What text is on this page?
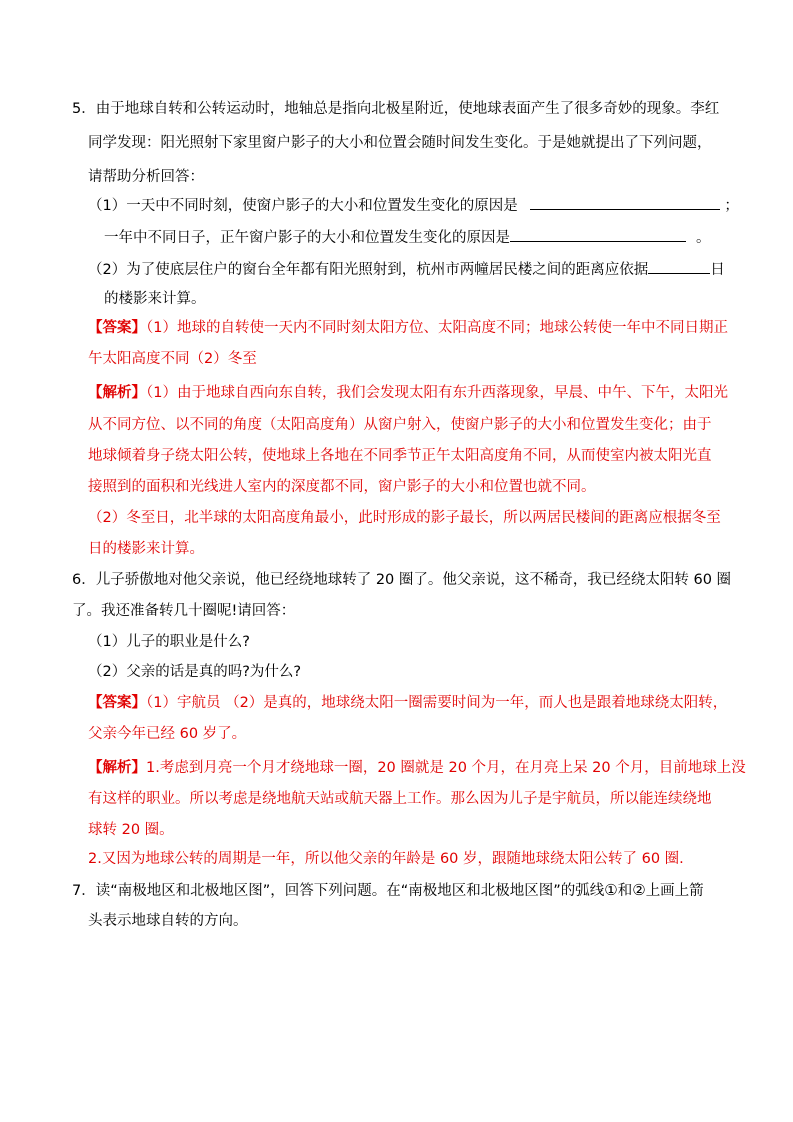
5．由于地球自转和公转运动时，地轴总是指向北极星附近，使地球表面产生了很多奇妙的现象。李红
同学发现：阳光照射下家里窗户影子的大小和位置会随时间发生变化。于是她就提出了下列问题，
请帮助分析回答：
（1）一天中不同时刻，使窗户影子的大小和位置发生变化的原因是	；
一年中不同日子，正午窗户影子的大小和位置发生变化的原因是	。
（2）为了使底层住户的窗台全年都有阳光照射到，杭州市两幢居民楼之间的距离应依据	日
的楼影来计算。
【答案】（1）地球的自转使一天内不同时刻太阳方位、太阳高度不同；地球公转使一年中不同日期正
午太阳高度不同（2）冬至
【解析】（1）由于地球自西向东自转，我们会发现太阳有东升西落现象，早晨、中午、下午，太阳光
从不同方位、以不同的角度（太阳高度角）从窗户射入，使窗户影子的大小和位置发生变化；由于
地球倾着身子绕太阳公转，使地球上各地在不同季节正午太阳高度角不同，从而使室内被太阳光直
接照到的面积和光线进人室内的深度都不同，窗户影子的大小和位置也就不同。
（2）冬至日，北半球的太阳高度角最小，此时形成的影子最长，所以两居民楼间的距离应根据冬至
日的楼影来计算。
6．儿子骄傲地对他父亲说，他已经绕地球转了 20 圈了。他父亲说，这不稀奇，我已经绕太阳转 60 圈
了。我还准备转几十圈呢!请回答：
（1）儿子的职业是什么?
（2）父亲的话是真的吗?为什么?
【答案】（1）宇航员 （2）是真的，地球绕太阳一圈需要时间为一年，而人也是跟着地球绕太阳转，
父亲今年已经 60 岁了。
【解析】1.考虑到月亮一个月才绕地球一圈，20 圈就是 20 个月，在月亮上呆 20 个月，目前地球上没
有这样的职业。所以考虑是绕地航天站或航天器上工作。那么因为儿子是宇航员，所以能连续绕地
球转 20 圈。
2.又因为地球公转的周期是一年，所以他父亲的年龄是 60 岁，跟随地球绕太阳公转了 60 圈.
7．读“南极地区和北极地区图”，回答下列问题。在“南极地区和北极地区图”的弧线①和②上画上箭
头表示地球自转的方向。
